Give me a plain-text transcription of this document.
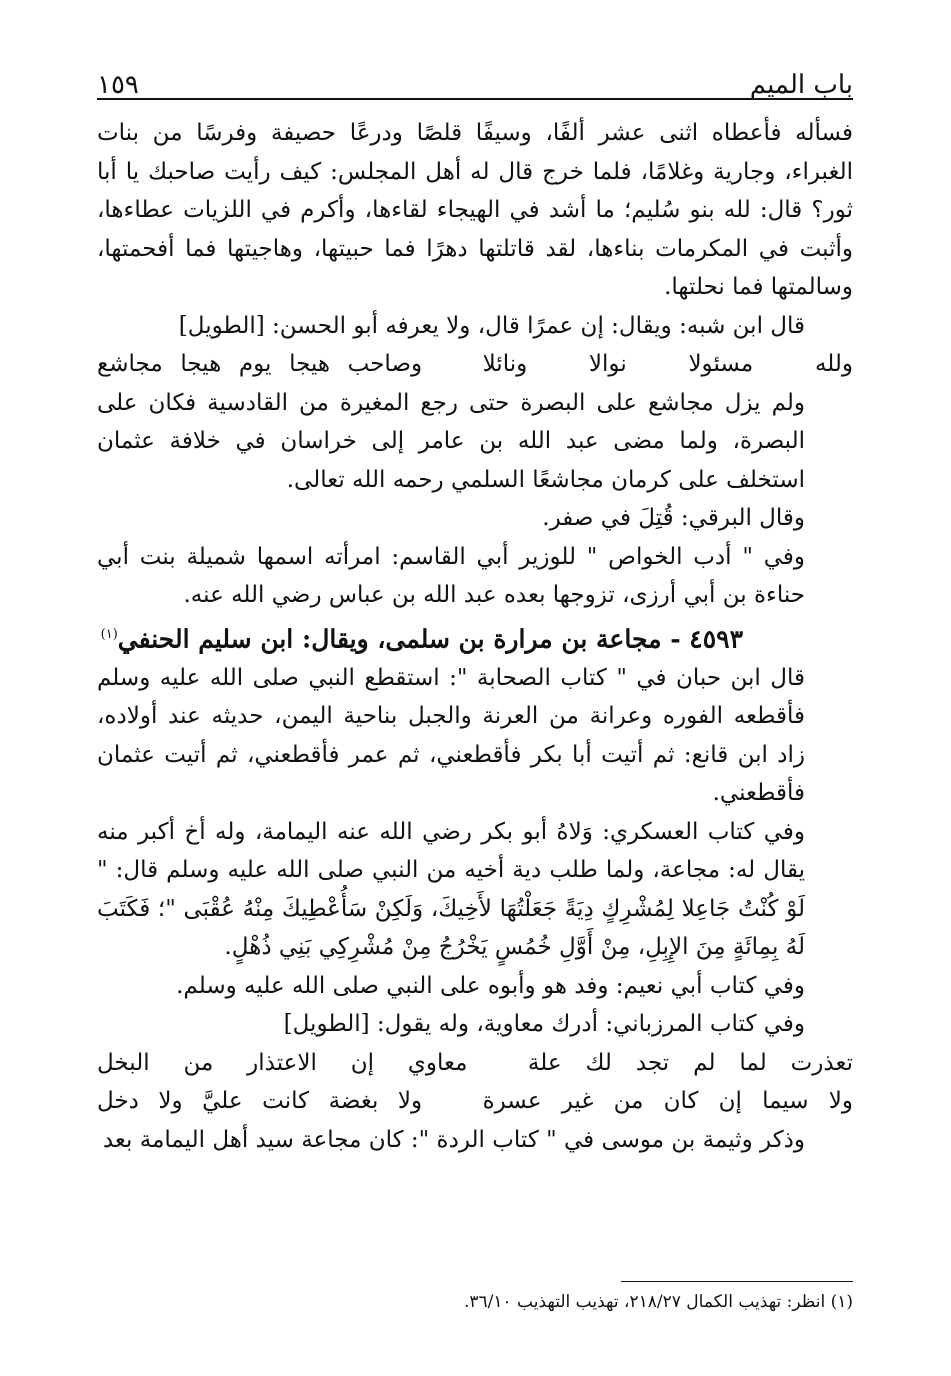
باب الميم
١٥٩

فسأله فأعطاه اثنى عشر ألفًا، وسيفًا قلصًا ودرعًا حصيفة وفرسًا من بنات الغبراء، وجارية وغلامًا، فلما خرج قال له أهل المجلس: كيف رأيت صاحبك يا أبا ثور؟ قال: لله بنو سُليم؛ ما أشد في الهيجاء لقاءها، وأكرم في اللزيات عطاءها، وأثبت في المكرمات بناءها، لقد قاتلتها دهرًا فما حبيتها، وهاجيتها فما أفحمتها، وسالمتها فما نحلتها.

قال ابن شبه: ويقال: إن عمرًا قال، ولا يعرفه أبو الحسن: [الطويل]

ولله مسئولا نوالا ونائلا
وصاحب هيجا يوم هيجا مجاشع

ولم يزل مجاشع على البصرة حتى رجع المغيرة من القادسية فكان على البصرة، ولما مضى عبد الله بن عامر إلى خراسان في خلافة عثمان استخلف على كرمان مجاشعًا السلمي رحمه الله تعالى.

وقال البرقي: قُتِلَ في صفر.

وفي " أدب الخواص " للوزير أبي القاسم: امرأته اسمها شميلة بنت أبي حناءة بن أبي أرزى، تزوجها بعده عبد الله بن عباس رضي الله عنه.

٤٥٩٣ - مجاعة بن مرارة بن سلمى، ويقال: ابن سليم الحنفي$^{(١)}$

قال ابن حبان في " كتاب الصحابة ": استقطع النبي صلى الله عليه وسلم فأقطعه الفوره وعرانة من العرنة والجبل بناحية اليمن، حديثه عند أولاده، زاد ابن قانع: ثم أتيت أبا بكر فأقطعني، ثم عمر فأقطعني، ثم أتيت عثمان فأقطعني.

وفي كتاب العسكري: وَلاهُ أبو بكر رضي الله عنه اليمامة، وله أخ أكبر منه يقال له: مجاعة، ولما طلب دية أخيه من النبي صلى الله عليه وسلم قال: " لَوْ كُنْتُ جَاعِلا لِمُشْرِكٍ دِيَةً جَعَلْتُهَا لأَخِيكَ، وَلَكِنْ سَأُعْطِيكَ مِنْهُ عُقْبَى "؛ فَكَتَبَ لَهُ بِمِائَةٍ مِنَ الإِبِلِ، مِنْ أَوَّلِ خُمُسٍ يَخْرُجُ مِنْ مُشْرِكِي بَنِي ذُهْلٍ.

وفي كتاب أبي نعيم: وفد هو وأبوه على النبي صلى الله عليه وسلم.

وفي كتاب المرزباني: أدرك معاوية، وله يقول: [الطويل]

تعذرت لما لم تجد لك علة
معاوي إن الاعتذار من البخل
ولا سيما إن كان من غير عسرة
ولا بغضة كانت عليَّ ولا دخل

وذكر وثيمة بن موسى في " كتاب الردة ": كان مجاعة سيد أهل اليمامة بعد

(١) انظر: تهذيب الكمال ٢١٨/٢٧، تهذيب التهذيب ٣٦/١٠.
